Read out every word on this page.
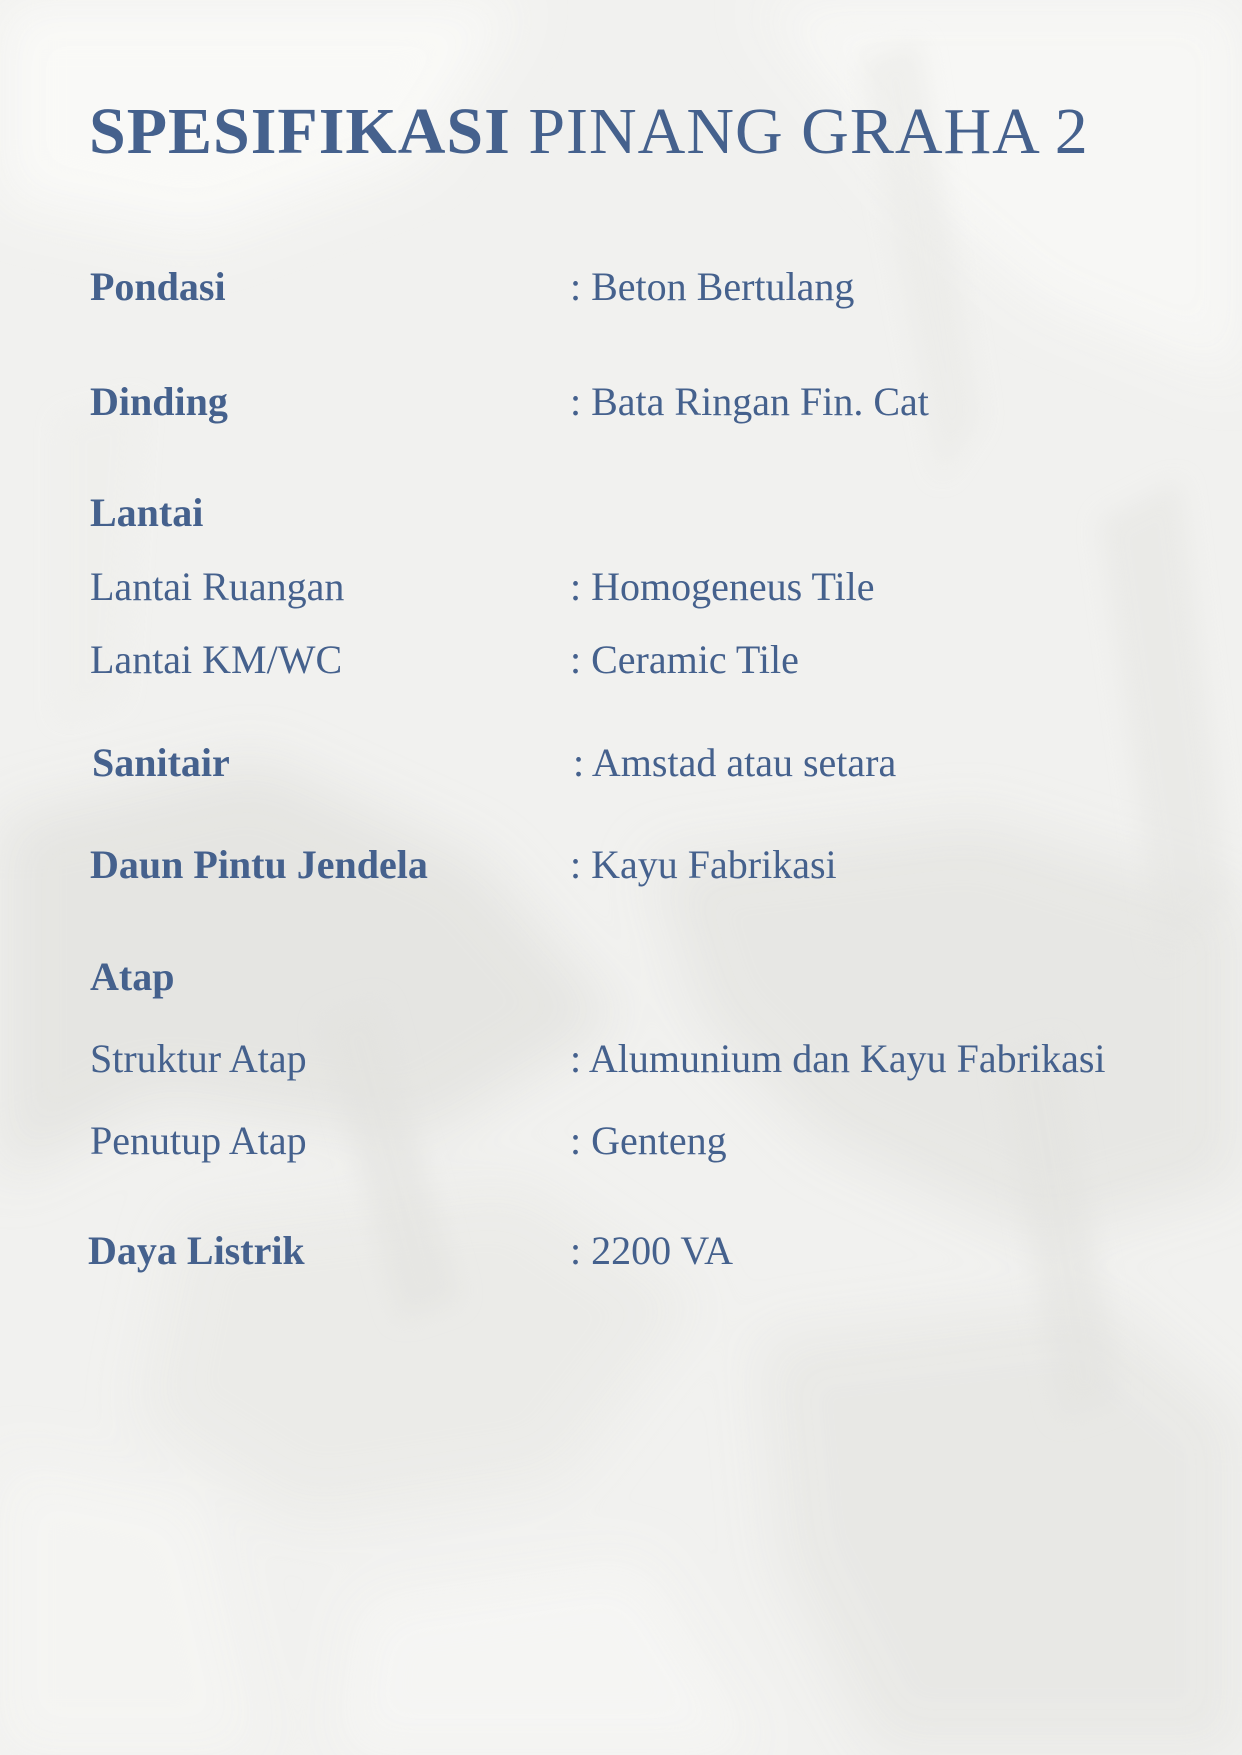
SPESIFIKASI PINANG GRAHA 2
Pondasi	: Beton Bertulang
Dinding	: Bata Ringan Fin. Cat
Lantai
Lantai Ruangan	: Homogeneus Tile
Lantai KM/WC	: Ceramic Tile
Sanitair	: Amstad atau setara
Daun Pintu Jendela	: Kayu Fabrikasi
Atap
Struktur Atap	: Alumunium dan Kayu Fabrikasi
Penutup Atap	: Genteng
Daya Listrik	: 2200 VA
